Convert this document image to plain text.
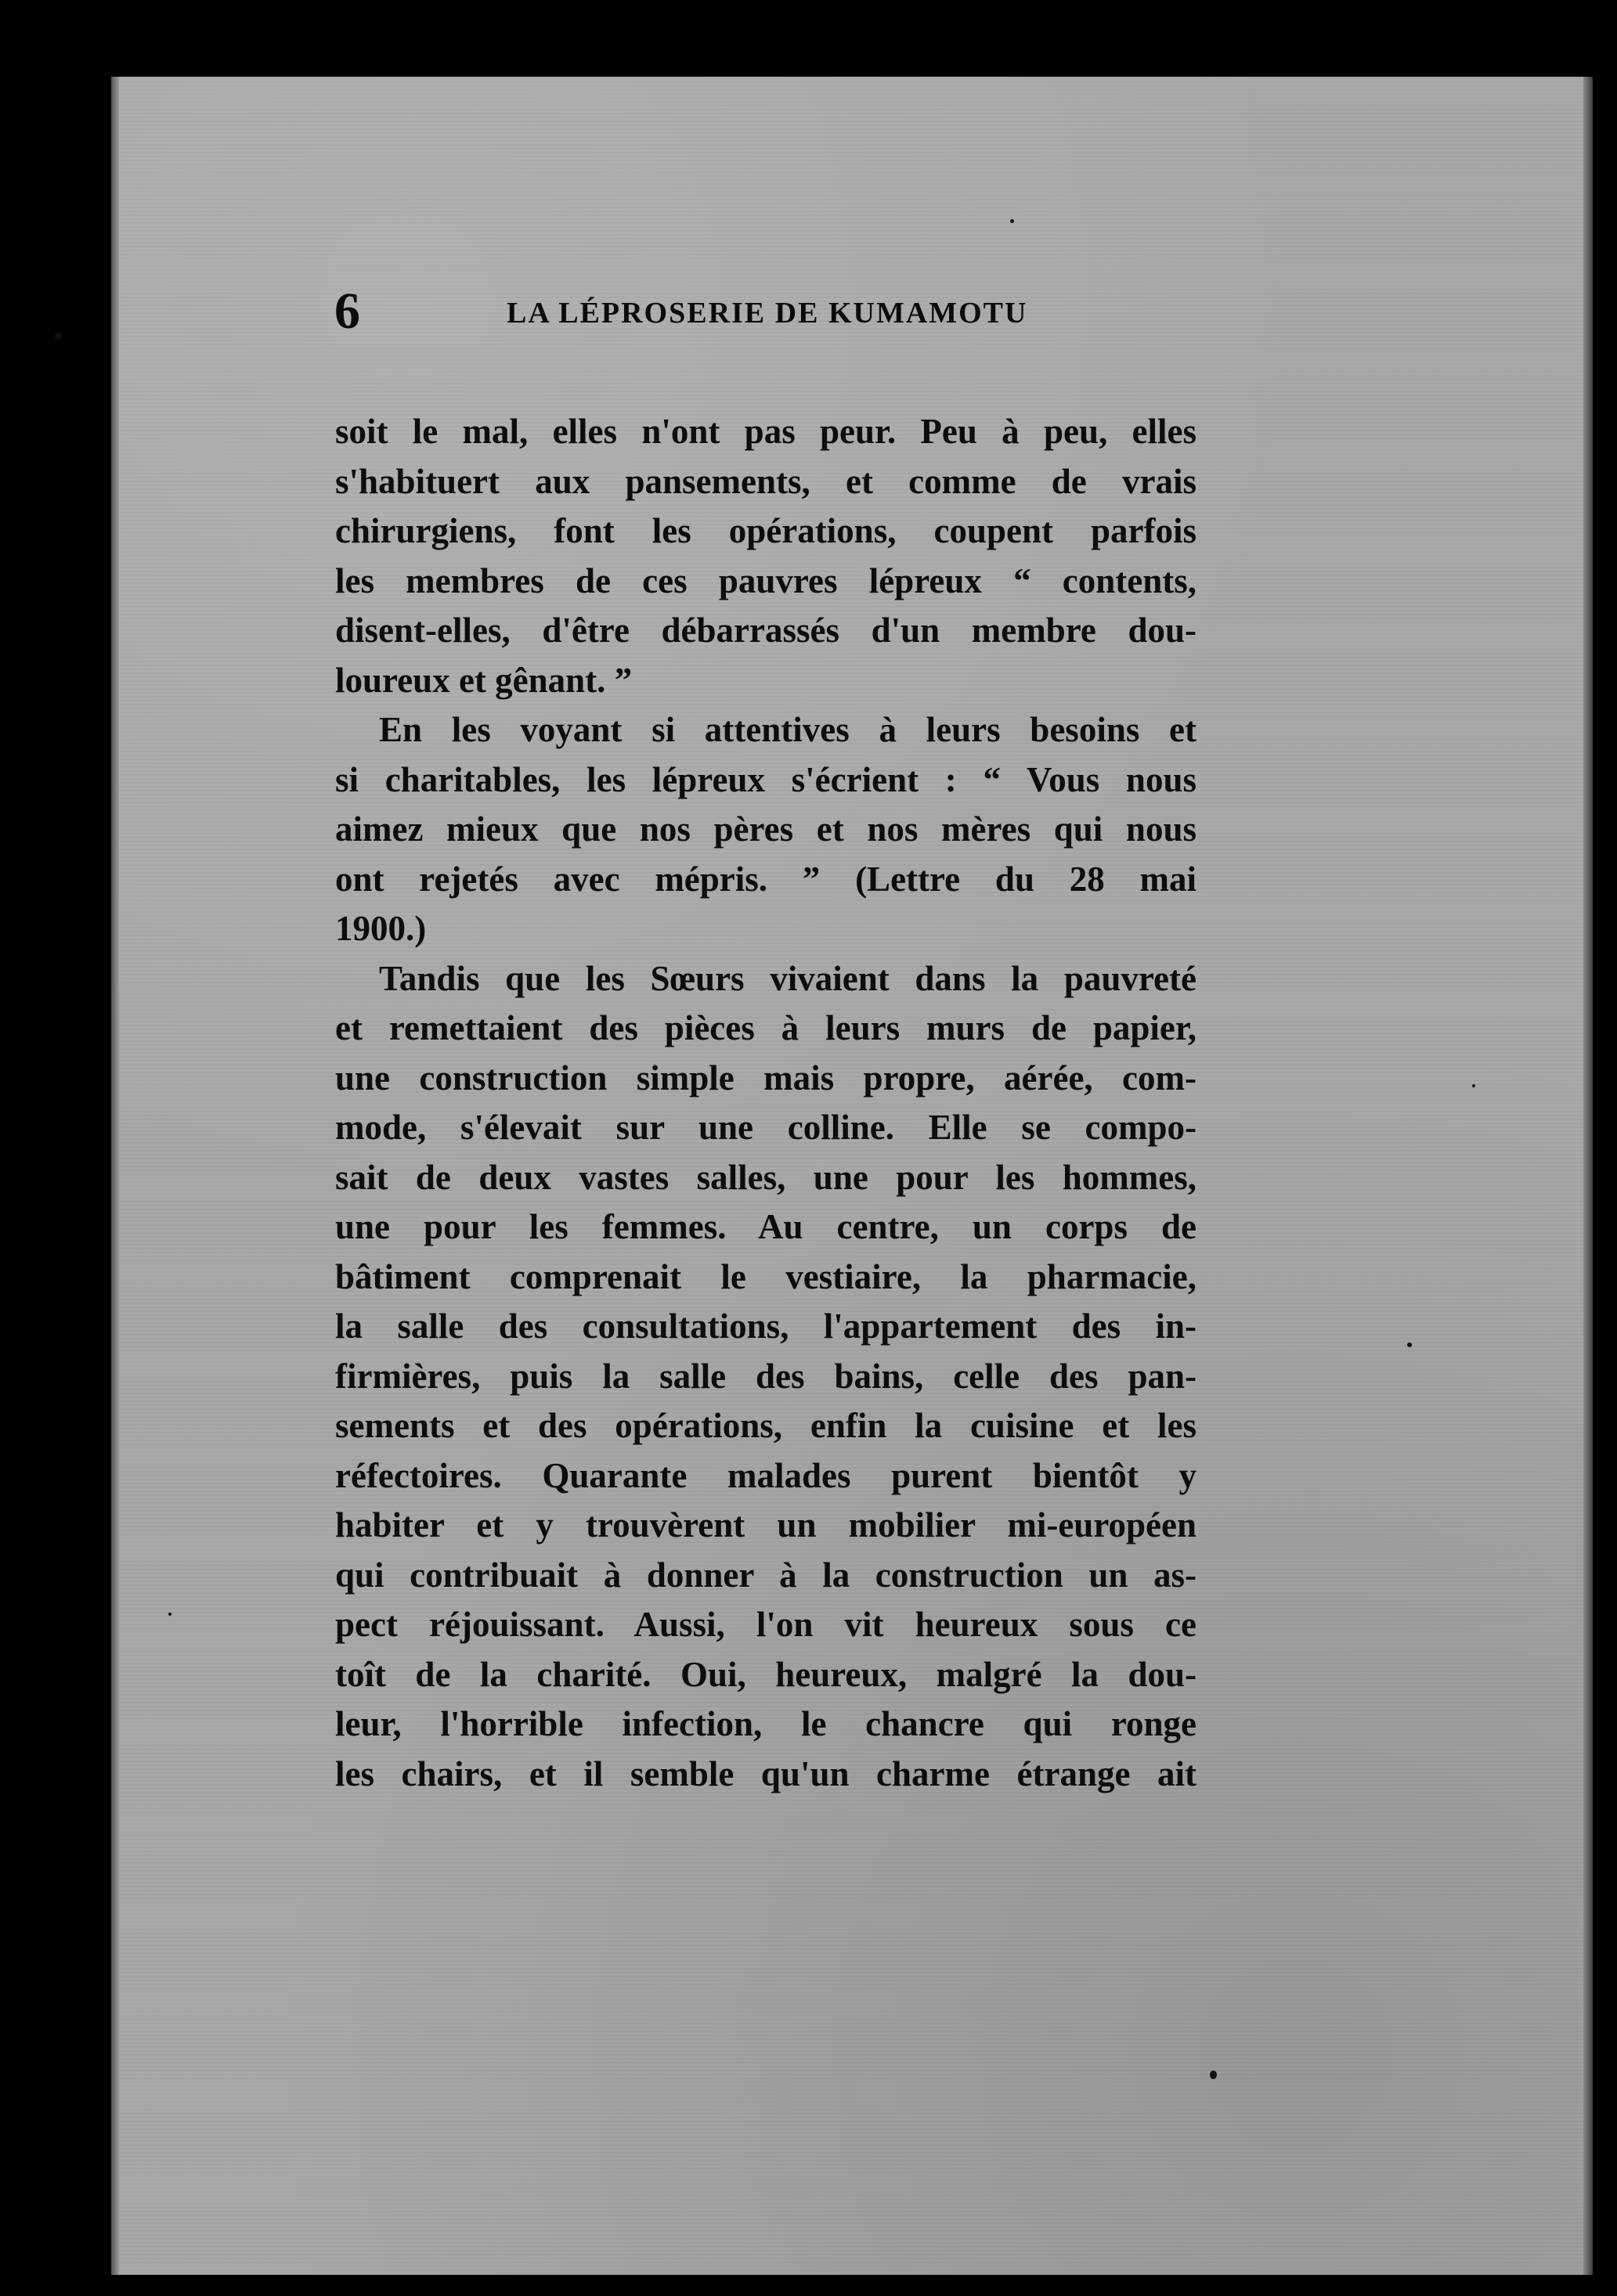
6	LA LÉPROSERIE DE KUMAMOTU
soit le mal, elles n'ont pas peur. Peu à peu, elles
s'habituert aux pansements, et comme de vrais
chirurgiens, font les opérations, coupent parfois
les membres de ces pauvres lépreux “ contents,
disent-elles, d'être débarrassés d'un membre dou-
loureux et gênant. ”
En les voyant si attentives à leurs besoins et
si charitables, les lépreux s'écrient : “ Vous nous
aimez mieux que nos pères et nos mères qui nous
ont rejetés avec mépris. ” (Lettre du 28 mai
1900.)
Tandis que les Sœurs vivaient dans la pauvreté
et remettaient des pièces à leurs murs de papier,
une construction simple mais propre, aérée, com-
mode, s'élevait sur une colline. Elle se compo-
sait de deux vastes salles, une pour les hommes,
une pour les femmes. Au centre, un corps de
bâtiment comprenait le vestiaire, la pharmacie,
la salle des consultations, l'appartement des in-
firmières, puis la salle des bains, celle des pan-
sements et des opérations, enfin la cuisine et les
réfectoires. Quarante malades purent bientôt y
habiter et y trouvèrent un mobilier mi-européen
qui contribuait à donner à la construction un as-
pect réjouissant. Aussi, l'on vit heureux sous ce
toît de la charité. Oui, heureux, malgré la dou-
leur, l'horrible infection, le chancre qui ronge
les chairs, et il semble qu'un charme étrange ait
